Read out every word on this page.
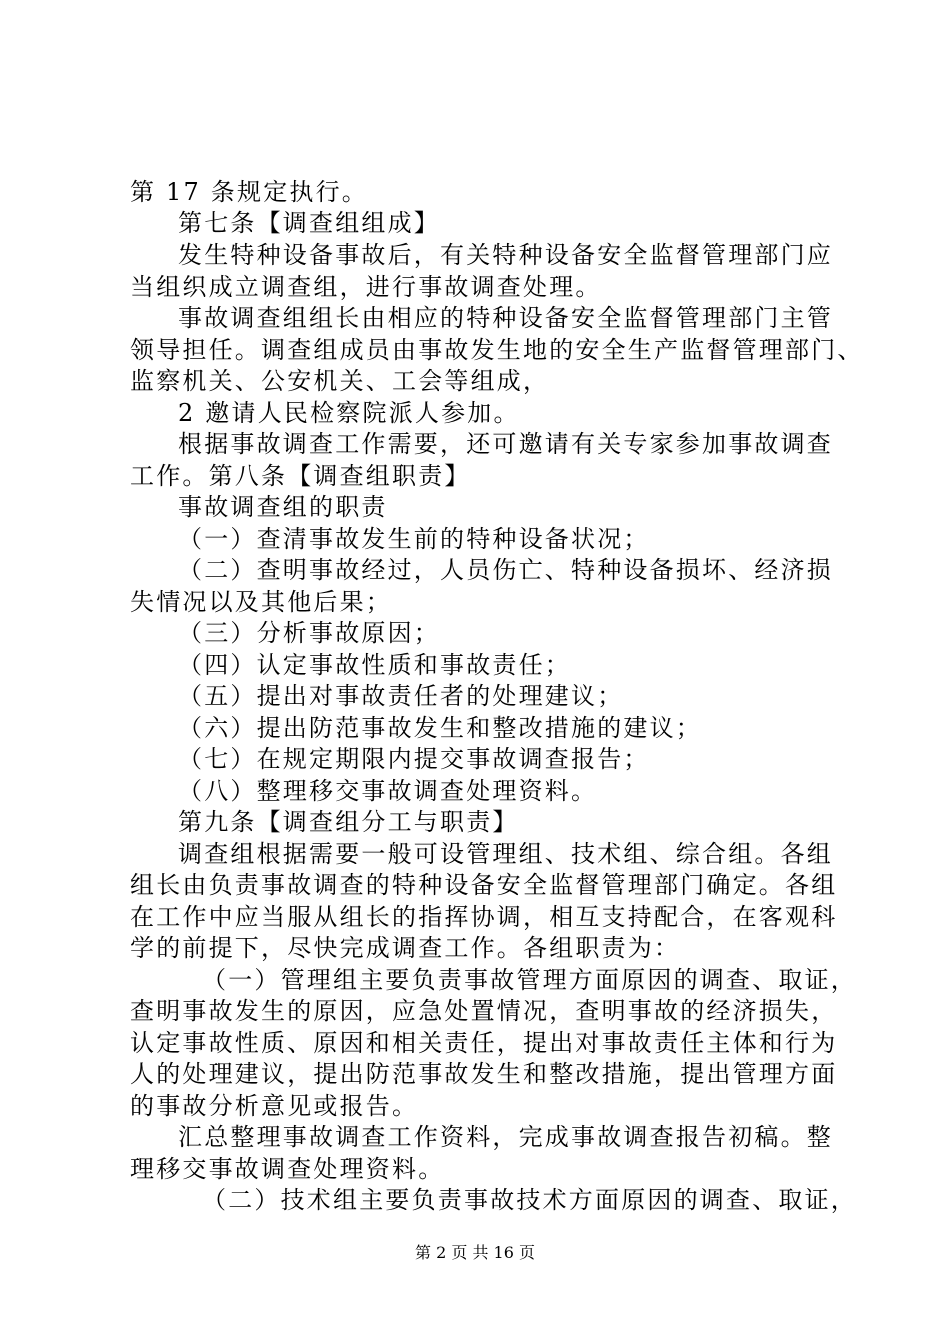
第 17 条规定执行。
第七条【调查组组成】
发生特种设备事故后，有关特种设备安全监督管理部门应
当组织成立调查组，进行事故调查处理。
事故调查组组长由相应的特种设备安全监督管理部门主管
领导担任。调查组成员由事故发生地的安全生产监督管理部门、
监察机关、公安机关、工会等组成，
2 邀请人民检察院派人参加。
根据事故调查工作需要，还可邀请有关专家参加事故调查
工作。第八条【调查组职责】
事故调查组的职责
（一）查清事故发生前的特种设备状况；
（二）查明事故经过，人员伤亡、特种设备损坏、经济损
失情况以及其他后果；
（三）分析事故原因；
（四）认定事故性质和事故责任；
（五）提出对事故责任者的处理建议；
（六）提出防范事故发生和整改措施的建议；
（七）在规定期限内提交事故调查报告；
（八）整理移交事故调查处理资料。
第九条【调查组分工与职责】
调查组根据需要一般可设管理组、技术组、综合组。各组
组长由负责事故调查的特种设备安全监督管理部门确定。各组
在工作中应当服从组长的指挥协调，相互支持配合，在客观科
学的前提下，尽快完成调查工作。各组职责为：
（一）管理组主要负责事故管理方面原因的调查、取证，
查明事故发生的原因，应急处置情况，查明事故的经济损失，
认定事故性质、原因和相关责任，提出对事故责任主体和行为
人的处理建议，提出防范事故发生和整改措施，提出管理方面
的事故分析意见或报告。
汇总整理事故调查工作资料，完成事故调查报告初稿。整
理移交事故调查处理资料。
（二）技术组主要负责事故技术方面原因的调查、取证，
第 2 页 共 16 页
